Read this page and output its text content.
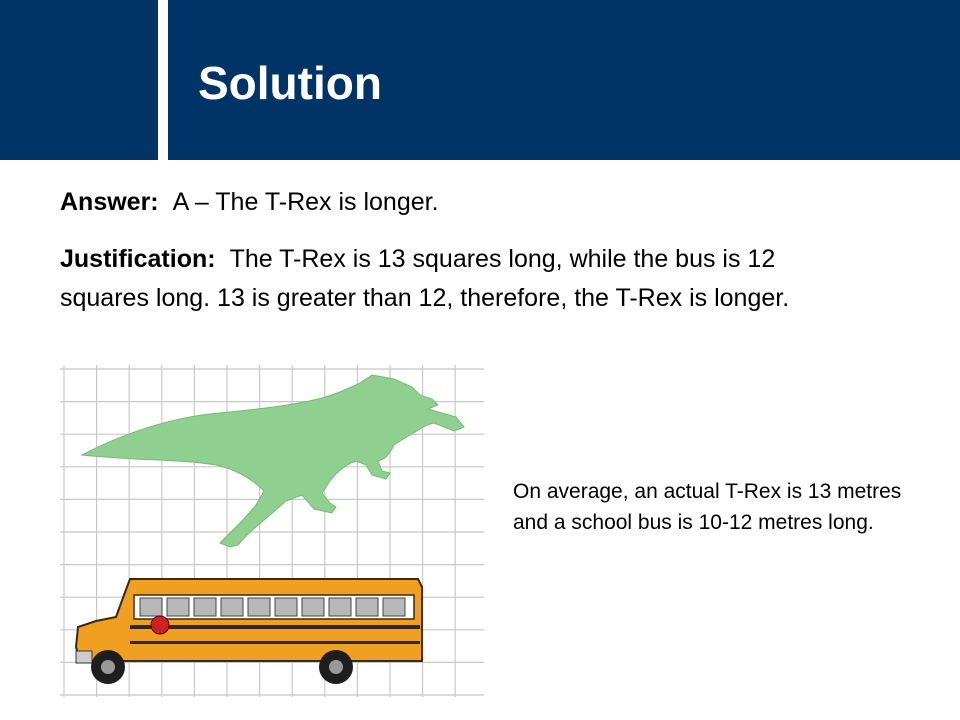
Solution

Answer: A – The T-Rex is longer.

Justification: The T-Rex is 13 squares long, while the bus is 12 squares long. 13 is greater than 12, therefore, the T-Rex is longer.

On average, an actual T-Rex is 13 metres and a school bus is 10-12 metres long.
